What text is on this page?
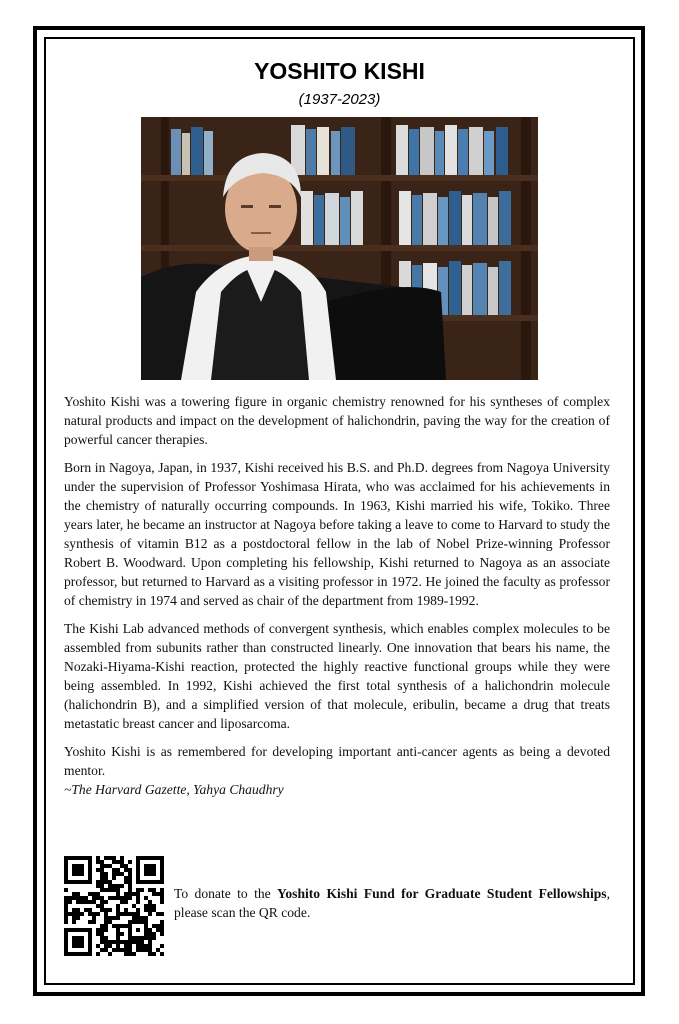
YOSHITO KISHI
(1937-2023)

Yoshito Kishi was a towering figure in organic chemistry renowned for his syntheses of complex natural products and impact on the development of halichondrin, paving the way for the creation of powerful cancer therapies.

Born in Nagoya, Japan, in 1937, Kishi received his B.S. and Ph.D. degrees from Nagoya University under the supervision of Professor Yoshimasa Hirata, who was acclaimed for his achievements in the chemistry of naturally occurring compounds. In 1963, Kishi married his wife, Tokiko. Three years later, he became an instructor at Nagoya before taking a leave to come to Harvard to study the synthesis of vitamin B12 as a postdoctoral fellow in the lab of Nobel Prize-winning Professor Robert B. Woodward. Upon completing his fellowship, Kishi returned to Nagoya as an associate professor, but returned to Harvard as a visiting professor in 1972. He joined the faculty as professor of chemistry in 1974 and served as chair of the department from 1989-1992.

The Kishi Lab advanced methods of convergent synthesis, which enables complex molecules to be assembled from subunits rather than constructed linearly. One innovation that bears his name, the Nozaki-Hiyama-Kishi reaction, protected the highly reactive functional groups while they were being assembled. In 1992, Kishi achieved the first total synthesis of a halichondrin molecule (halichondrin B), and a simplified version of that molecule, eribulin, became a drug that treats metastatic breast cancer and liposarcoma.

Yoshito Kishi is as remembered for developing important anti-cancer agents as being a devoted mentor.
~The Harvard Gazette, Yahya Chaudhry

To donate to the Yoshito Kishi Fund for Graduate Student Fellowships, please scan the QR code.
